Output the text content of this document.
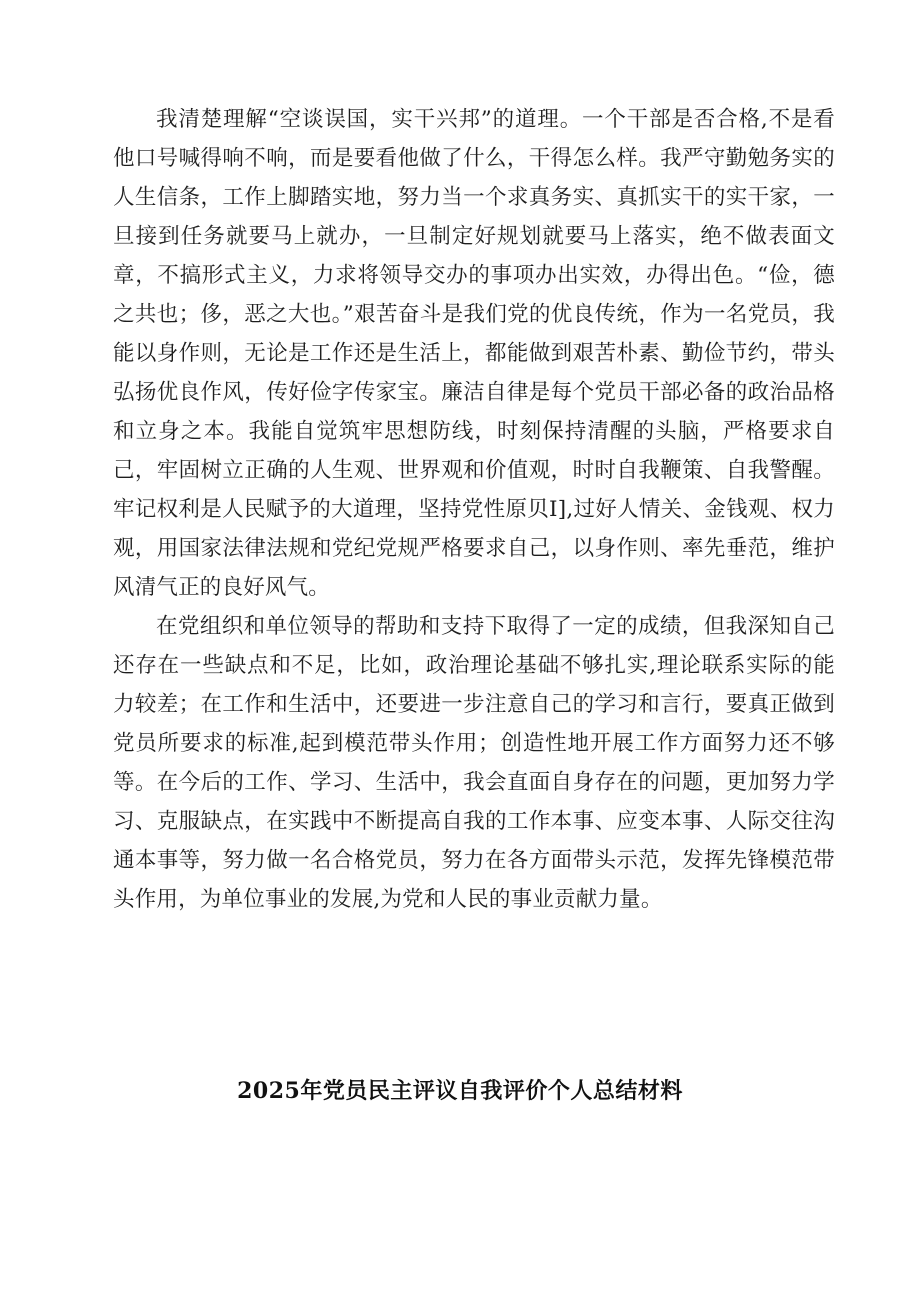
我清楚理解“空谈误国，实干兴邦”的道理。一个干部是否合格,不是看他口号喊得响不响，而是要看他做了什么，干得怎么样。我严守勤勉务实的人生信条，工作上脚踏实地，努力当一个求真务实、真抓实干的实干家，一旦接到任务就要马上就办，一旦制定好规划就要马上落实，绝不做表面文章，不搞形式主义，力求将领导交办的事项办出实效，办得出色。“俭，德之共也；侈，恶之大也。”艰苦奋斗是我们党的优良传统，作为一名党员，我能以身作则，无论是工作还是生活上，都能做到艰苦朴素、勤俭节约，带头弘扬优良作风，传好俭字传家宝。廉洁自律是每个党员干部必备的政治品格和立身之本。我能自觉筑牢思想防线，时刻保持清醒的头脑，严格要求自己，牢固树立正确的人生观、世界观和价值观，时时自我鞭策、自我警醒。牢记权利是人民赋予的大道理，坚持党性原贝I],过好人情关、金钱观、权力观，用国家法律法规和党纪党规严格要求自己，以身作则、率先垂范，维护风清气正的良好风气。

在党组织和单位领导的帮助和支持下取得了一定的成绩，但我深知自己还存在一些缺点和不足，比如，政治理论基础不够扎实,理论联系实际的能力较差；在工作和生活中，还要进一步注意自己的学习和言行，要真正做到党员所要求的标准,起到模范带头作用；创造性地开展工作方面努力还不够等。在今后的工作、学习、生活中，我会直面自身存在的问题，更加努力学习、克服缺点，在实践中不断提高自我的工作本事、应变本事、人际交往沟通本事等，努力做一名合格党员，努力在各方面带头示范，发挥先锋模范带头作用，为单位事业的发展,为党和人民的事业贡献力量。

2025年党员民主评议自我评价个人总结材料
